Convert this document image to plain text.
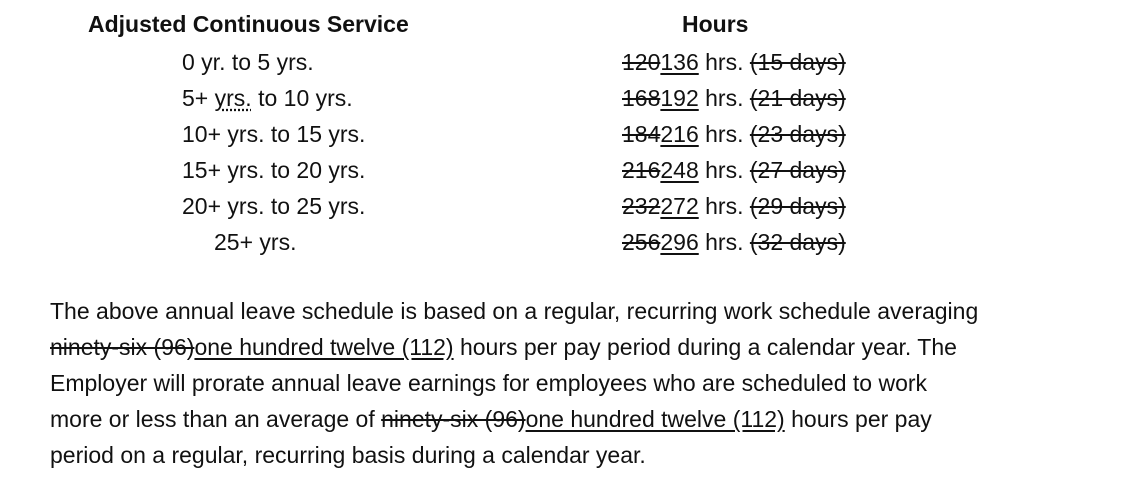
Adjusted Continuous Service	Hours
0 yr. to 5 yrs.	120136 hrs. (15 days)
5+ yrs. to 10 yrs.	168192 hrs. (21 days)
10+ yrs. to 15 yrs.	184216 hrs. (23 days)
15+ yrs. to 20 yrs.	216248 hrs. (27 days)
20+ yrs. to 25 yrs.	232272 hrs. (29 days)
25+ yrs.	256296 hrs. (32 days)
The above annual leave schedule is based on a regular, recurring work schedule averaging
ninety-six (96)one hundred twelve (112) hours per pay period during a calendar year. The
Employer will prorate annual leave earnings for employees who are scheduled to work
more or less than an average of ninety-six (96)one hundred twelve (112) hours per pay
period on a regular, recurring basis during a calendar year.
